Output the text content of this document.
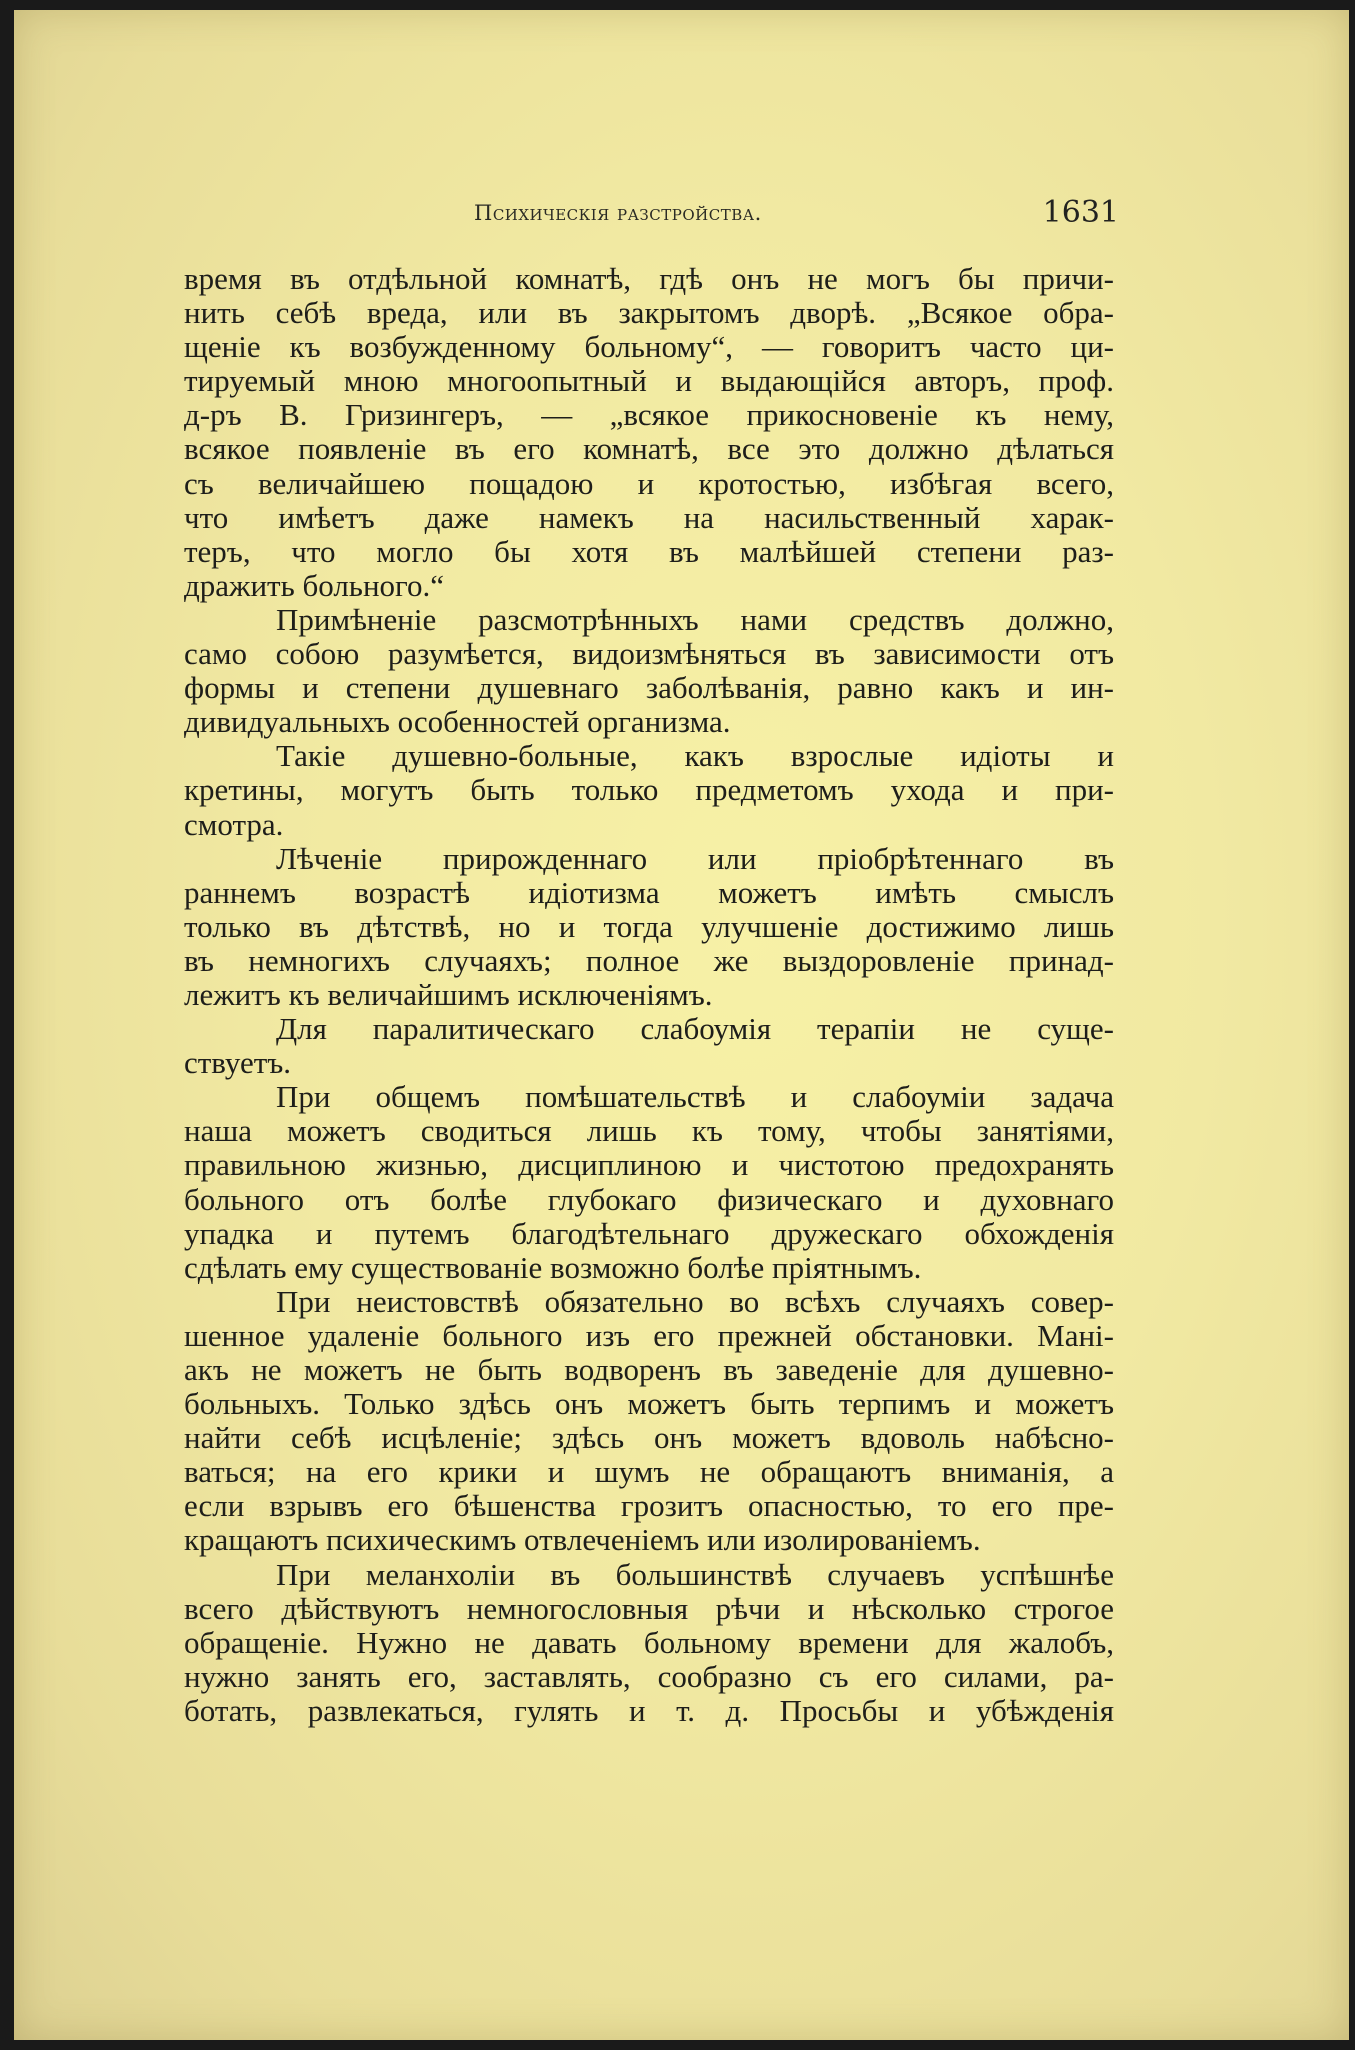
Психическія разстройства.	1631
время въ отдѣльной комнатѣ, гдѣ онъ не могъ бы причи-
нить себѣ вреда, или въ закрытомъ дворѣ. „Всякое обра-
щеніе къ возбужденному больному“, — говоритъ часто ци-
тируемый мною многоопытный и выдающійся авторъ, проф.
д-ръ В. Гризингеръ, — „всякое прикосновеніе къ нему,
всякое появленіе въ его комнатѣ, все это должно дѣлаться
съ величайшею пощадою и кротостью, избѣгая всего,
что имѣетъ даже намекъ на насильственный харак-
теръ, что могло бы хотя въ малѣйшей степени раз-
дражить больного.“
Примѣненіе разсмотрѣнныхъ нами средствъ должно,
само собою разумѣется, видоизмѣняться въ зависимости отъ
формы и степени душевнаго заболѣванія, равно какъ и ин-
дивидуальныхъ особенностей организма.
Такіе душевно-больные, какъ взрослые идіоты и
кретины, могутъ быть только предметомъ ухода и при-
смотра.
Лѣченіе прирожденнаго или пріобрѣтеннаго въ
раннемъ возрастѣ идіотизма можетъ имѣть смыслъ
только въ дѣтствѣ, но и тогда улучшеніе достижимо лишь
въ немногихъ случаяхъ; полное же выздоровленіе принад-
лежитъ къ величайшимъ исключеніямъ.
Для паралитическаго слабоумія терапіи не суще-
ствуетъ.
При общемъ помѣшательствѣ и слабоуміи задача
наша можетъ сводиться лишь къ тому, чтобы занятіями,
правильною жизнью, дисциплиною и чистотою предохранять
больного отъ болѣе глубокаго физическаго и духовнаго
упадка и путемъ благодѣтельнаго дружескаго обхожденія
сдѣлать ему существованіе возможно болѣе пріятнымъ.
При неистовствѣ обязательно во всѣхъ случаяхъ совер-
шенное удаленіе больного изъ его прежней обстановки. Мані-
акъ не можетъ не быть водворенъ въ заведеніе для душевно-
больныхъ. Только здѣсь онъ можетъ быть терпимъ и можетъ
найти себѣ исцѣленіе; здѣсь онъ можетъ вдоволь набѣсно-
ваться; на его крики и шумъ не обращаютъ вниманія, а
если взрывъ его бѣшенства грозитъ опасностью, то его пре-
кращаютъ психическимъ отвлеченіемъ или изолированіемъ.
При меланхоліи въ большинствѣ случаевъ успѣшнѣе
всего дѣйствуютъ немногословныя рѣчи и нѣсколько строгое
обращеніе. Нужно не давать больному времени для жалобъ,
нужно занять его, заставлять, сообразно съ его силами, ра-
ботать, развлекаться, гулять и т. д. Просьбы и убѣжденія
